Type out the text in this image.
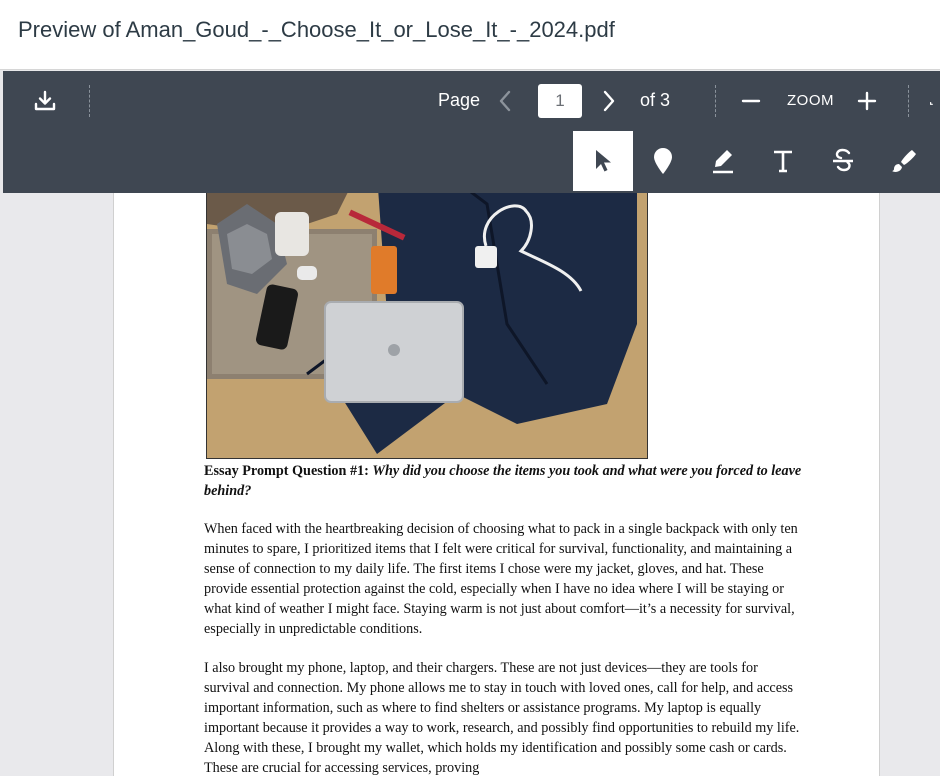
Preview of Aman_Goud_-_Choose_It_or_Lose_It_-_2024.pdf
Page
1	of 3	ZOOM

Essay Prompt Question #1: Why did you choose the items you took and what were you forced to leave behind?

When faced with the heartbreaking decision of choosing what to pack in a single backpack with only ten minutes to spare, I prioritized items that I felt were critical for survival, functionality, and maintaining a sense of connection to my daily life. The first items I chose were my jacket, gloves, and hat. These provide essential protection against the cold, especially when I have no idea where I will be staying or what kind of weather I might face. Staying warm is not just about comfort—it’s a necessity for survival, especially in unpredictable conditions.

I also brought my phone, laptop, and their chargers. These are not just devices—they are tools for survival and connection. My phone allows me to stay in touch with loved ones, call for help, and access important information, such as where to find shelters or assistance programs. My laptop is equally important because it provides a way to work, research, and possibly find opportunities to rebuild my life. Along with these, I brought my wallet, which holds my identification and possibly some cash or cards. These are crucial for accessing services, proving
